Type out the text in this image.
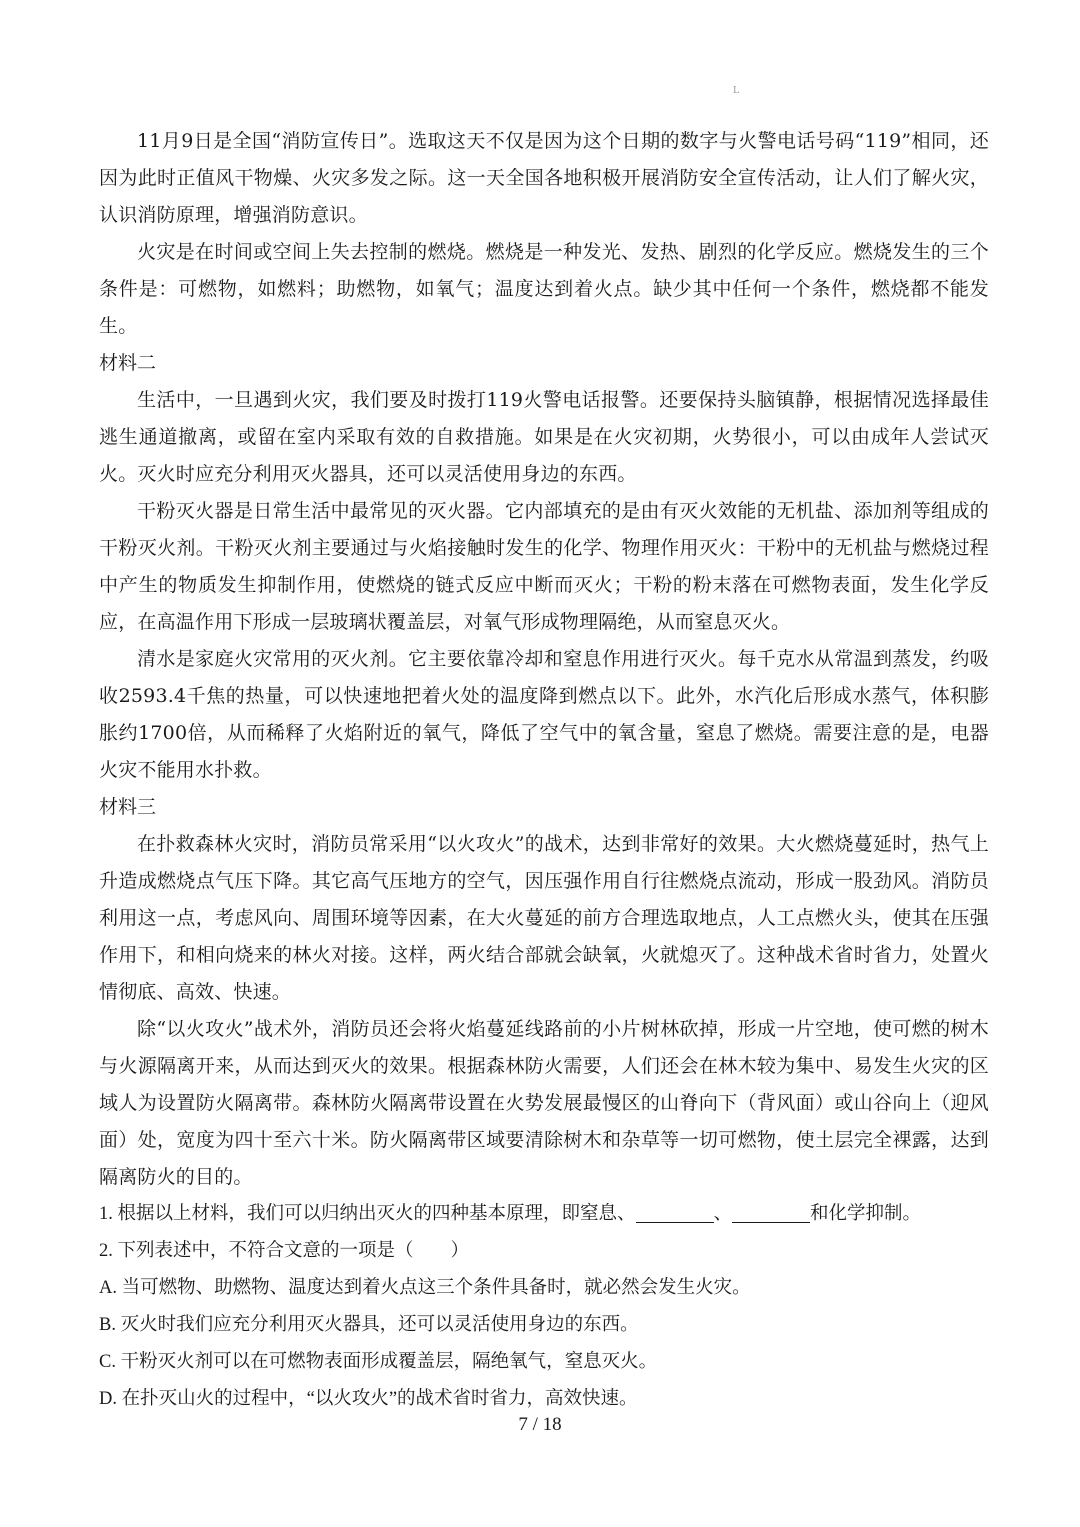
L

11月9日是全国“消防宣传日”。选取这天不仅是因为这个日期的数字与火警电话号码“119”相同，还因为此时正值风干物燥、火灾多发之际。这一天全国各地积极开展消防安全宣传活动，让人们了解火灾，认识消防原理，增强消防意识。

火灾是在时间或空间上失去控制的燃烧。燃烧是一种发光、发热、剧烈的化学反应。燃烧发生的三个条件是：可燃物，如燃料；助燃物，如氧气；温度达到着火点。缺少其中任何一个条件，燃烧都不能发生。

材料二

生活中，一旦遇到火灾，我们要及时拨打119火警电话报警。还要保持头脑镇静，根据情况选择最佳逃生通道撤离，或留在室内采取有效的自救措施。如果是在火灾初期，火势很小，可以由成年人尝试灭火。灭火时应充分利用灭火器具，还可以灵活使用身边的东西。

干粉灭火器是日常生活中最常见的灭火器。它内部填充的是由有灭火效能的无机盐、添加剂等组成的干粉灭火剂。干粉灭火剂主要通过与火焰接触时发生的化学、物理作用灭火：干粉中的无机盐与燃烧过程中产生的物质发生抑制作用，使燃烧的链式反应中断而灭火；干粉的粉末落在可燃物表面，发生化学反应，在高温作用下形成一层玻璃状覆盖层，对氧气形成物理隔绝，从而窒息灭火。

清水是家庭火灾常用的灭火剂。它主要依靠冷却和窒息作用进行灭火。每千克水从常温到蒸发，约吸收2593.4千焦的热量，可以快速地把着火处的温度降到燃点以下。此外，水汽化后形成水蒸气，体积膨胀约1700倍，从而稀释了火焰附近的氧气，降低了空气中的氧含量，窒息了燃烧。需要注意的是，电器火灾不能用水扑救。

材料三

在扑救森林火灾时，消防员常采用“以火攻火”的战术，达到非常好的效果。大火燃烧蔓延时，热气上升造成燃烧点气压下降。其它高气压地方的空气，因压强作用自行往燃烧点流动，形成一股劲风。消防员利用这一点，考虑风向、周围环境等因素，在大火蔓延的前方合理选取地点，人工点燃火头，使其在压强作用下，和相向烧来的林火对接。这样，两火结合部就会缺氧，火就熄灭了。这种战术省时省力，处置火情彻底、高效、快速。

除“以火攻火”战术外，消防员还会将火焰蔓延线路前的小片树林砍掉，形成一片空地，使可燃的树木与火源隔离开来，从而达到灭火的效果。根据森林防火需要，人们还会在林木较为集中、易发生火灾的区域人为设置防火隔离带。森林防火隔离带设置在火势发展最慢区的山脊向下（背风面）或山谷向上（迎风面）处，宽度为四十至六十米。防火隔离带区域要清除树木和杂草等一切可燃物，使土层完全裸露，达到隔离防火的目的。

1. 根据以上材料，我们可以归纳出灭火的四种基本原理，即窒息、	、	和化学抑制。

2. 下列表述中，不符合文意的一项是（　　）

A. 当可燃物、助燃物、温度达到着火点这三个条件具备时，就必然会发生火灾。

B. 灭火时我们应充分利用灭火器具，还可以灵活使用身边的东西。

C. 干粉灭火剂可以在可燃物表面形成覆盖层，隔绝氧气，窒息灭火。

D. 在扑灭山火的过程中，“以火攻火”的战术省时省力，高效快速。

7 / 18
